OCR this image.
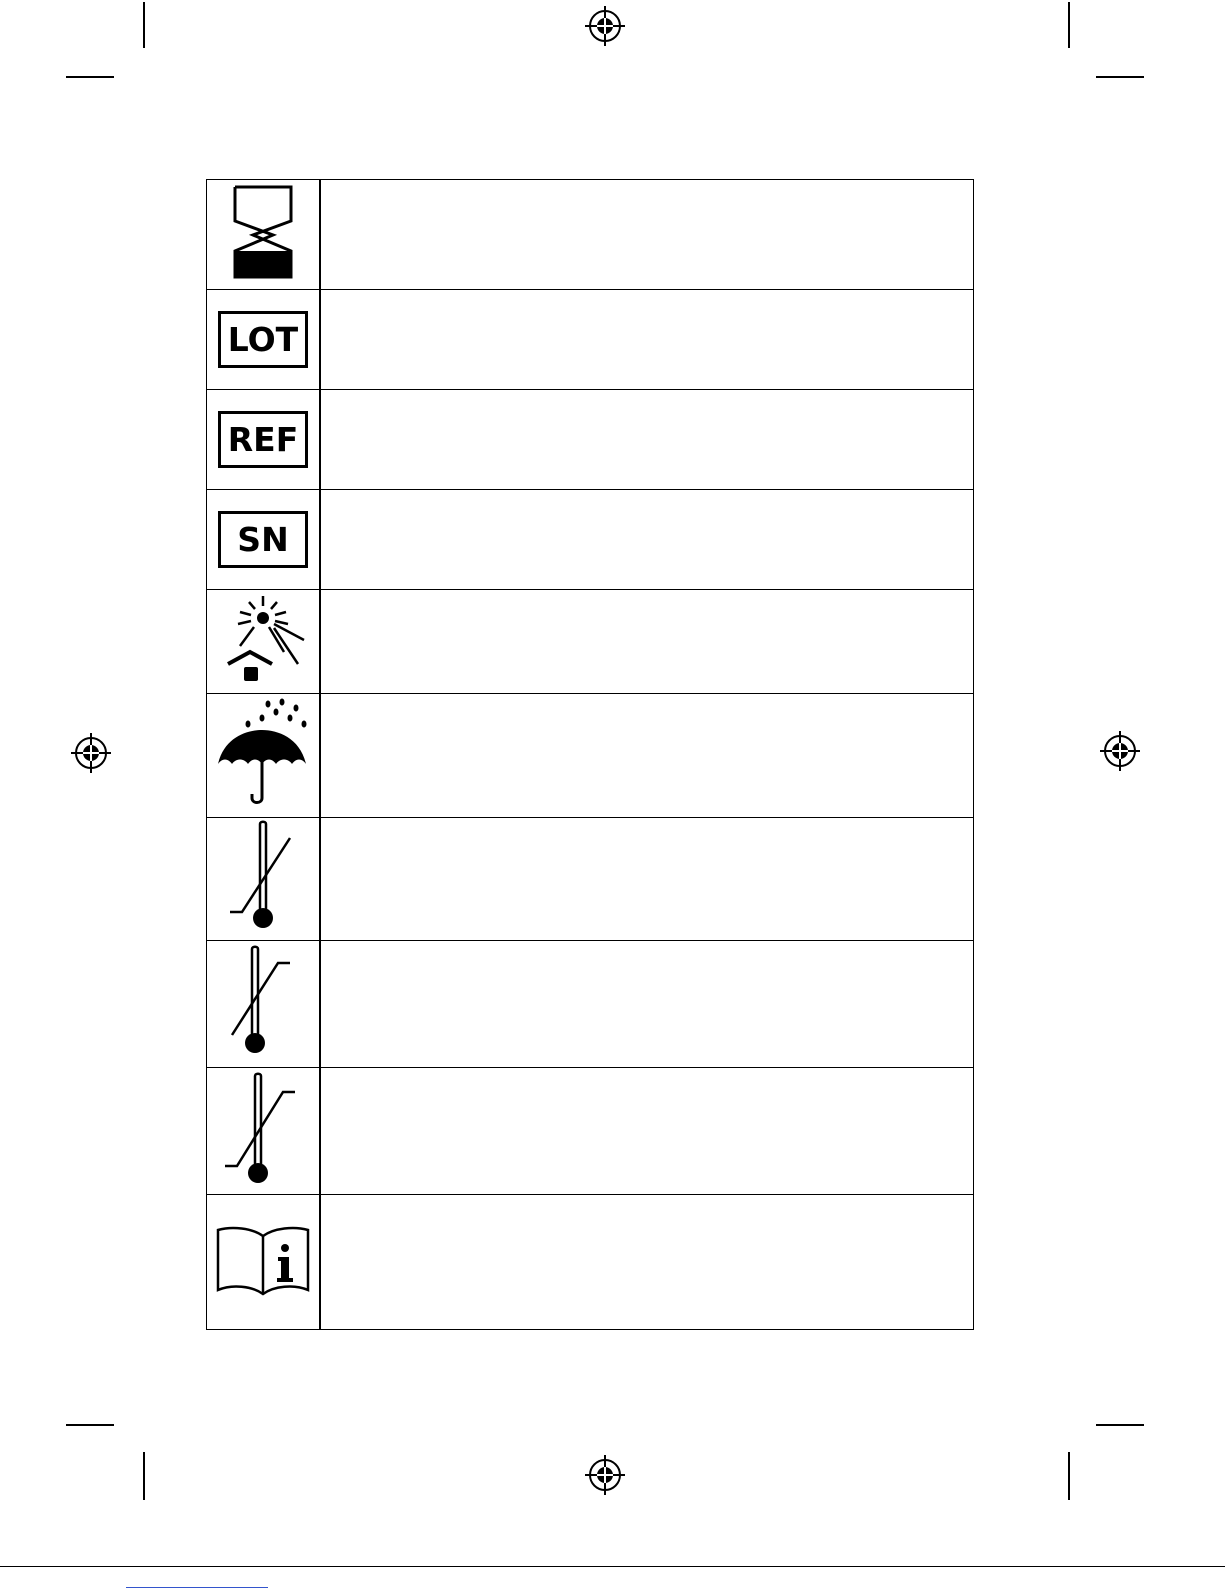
LOT
REF
SN
